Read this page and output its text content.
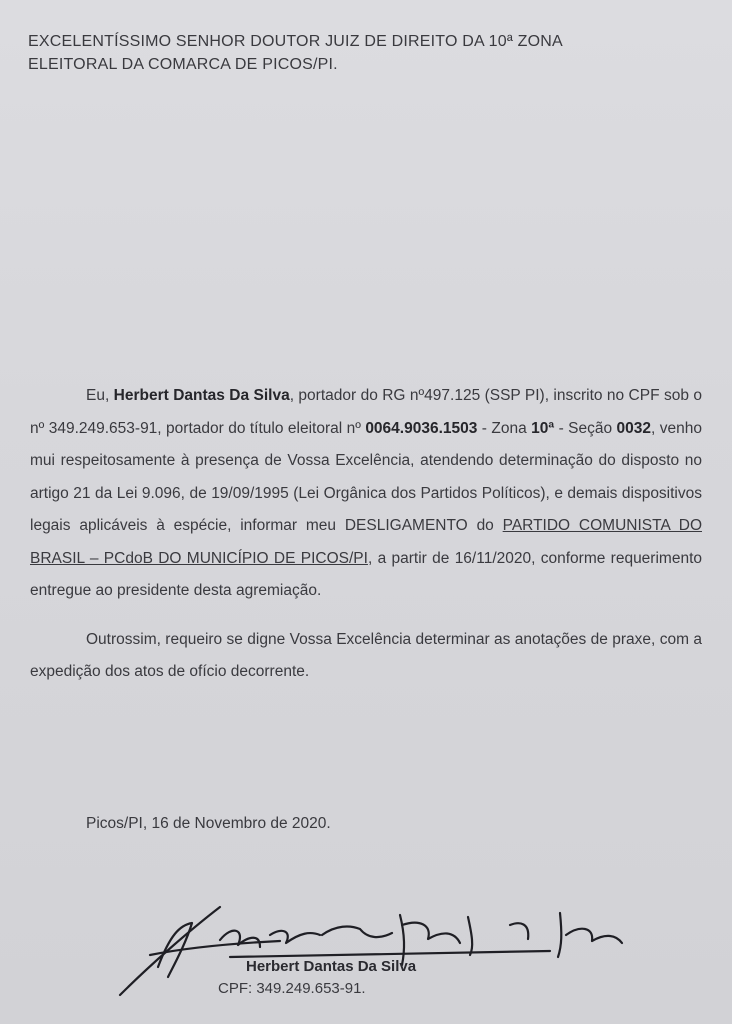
EXCELENTÍSSIMO SENHOR DOUTOR JUIZ DE DIREITO DA 10ª ZONA
ELEITORAL DA COMARCA DE PICOS/PI.

Eu, Herbert Dantas Da Silva, portador do RG nº497.125 (SSP PI), inscrito no CPF sob o nº 349.249.653-91, portador do título eleitoral nº 0064.9036.1503 - Zona 10ª - Seção 0032, venho mui respeitosamente à presença de Vossa Excelência, atendendo determinação do disposto no artigo 21 da Lei 9.096, de 19/09/1995 (Lei Orgânica dos Partidos Políticos), e demais dispositivos legais aplicáveis à espécie, informar meu DESLIGAMENTO do PARTIDO COMUNISTA DO BRASIL – PCdoB DO MUNICÍPIO DE PICOS/PI, a partir de 16/11/2020, conforme requerimento entregue ao presidente desta agremiação.

Outrossim, requeiro se digne Vossa Excelência determinar as anotações de praxe, com a expedição dos atos de ofício decorrente.

Picos/PI, 16 de Novembro de 2020.
Herbert Dantas Da Silva
CPF: 349.249.653-91.
